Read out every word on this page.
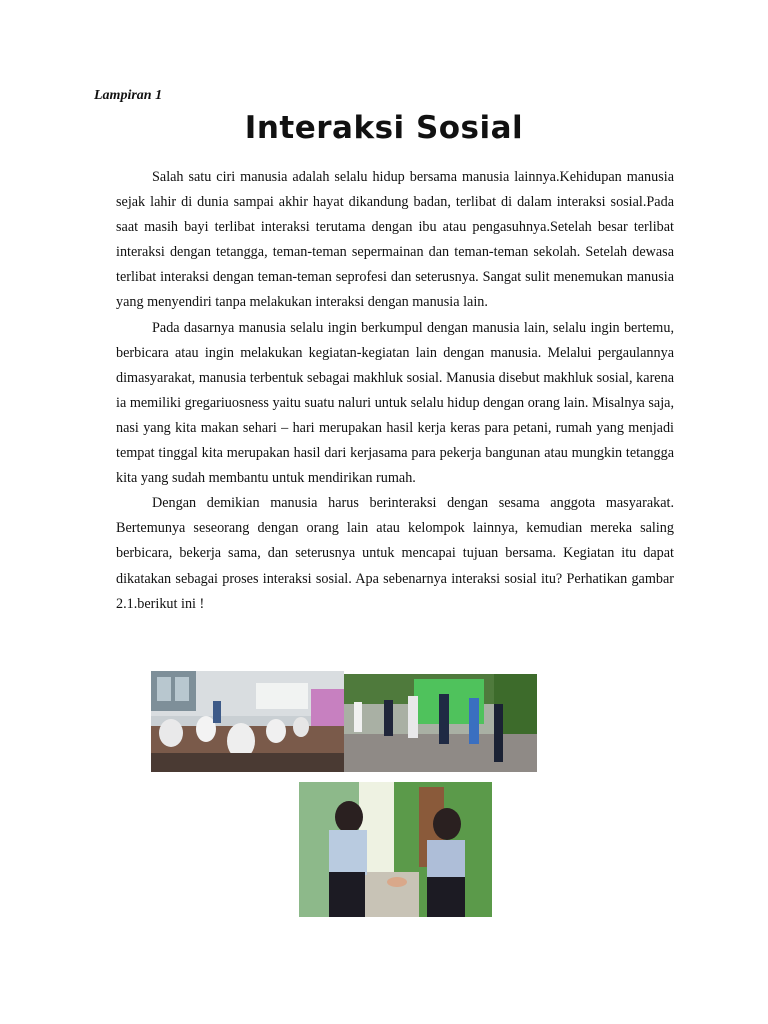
Lampiran 1
Interaksi Sosial

Salah satu ciri manusia adalah selalu hidup bersama manusia lainnya.Kehidupan manusia sejak lahir di dunia sampai akhir hayat dikandung badan, terlibat di dalam interaksi sosial.Pada saat masih bayi terlibat interaksi terutama dengan ibu atau pengasuhnya.Setelah besar terlibat interaksi dengan tetangga, teman-teman sepermainan dan teman-teman sekolah. Setelah dewasa terlibat interaksi dengan teman-teman seprofesi dan seterusnya. Sangat sulit menemukan manusia yang menyendiri tanpa melakukan interaksi dengan manusia lain.

Pada dasarnya manusia selalu ingin berkumpul dengan manusia lain, selalu ingin bertemu, berbicara atau ingin melakukan kegiatan-kegiatan lain dengan manusia. Melalui pergaulannya dimasyarakat, manusia terbentuk sebagai makhluk sosial. Manusia disebut makhluk sosial, karena ia memiliki gregariuosness yaitu suatu naluri untuk selalu hidup dengan orang lain. Misalnya saja, nasi yang kita makan sehari – hari merupakan hasil kerja keras para petani, rumah yang menjadi tempat tinggal kita merupakan hasil dari kerjasama para pekerja bangunan atau mungkin tetangga kita yang sudah membantu untuk mendirikan rumah.

Dengan demikian manusia harus berinteraksi dengan sesama anggota masyarakat. Bertemunya seseorang dengan orang lain atau kelompok lainnya, kemudian mereka saling berbicara, bekerja sama, dan seterusnya untuk mencapai tujuan bersama. Kegiatan itu dapat dikatakan sebagai proses interaksi sosial. Apa sebenarnya interaksi sosial itu? Perhatikan gambar 2.1.berikut ini !
